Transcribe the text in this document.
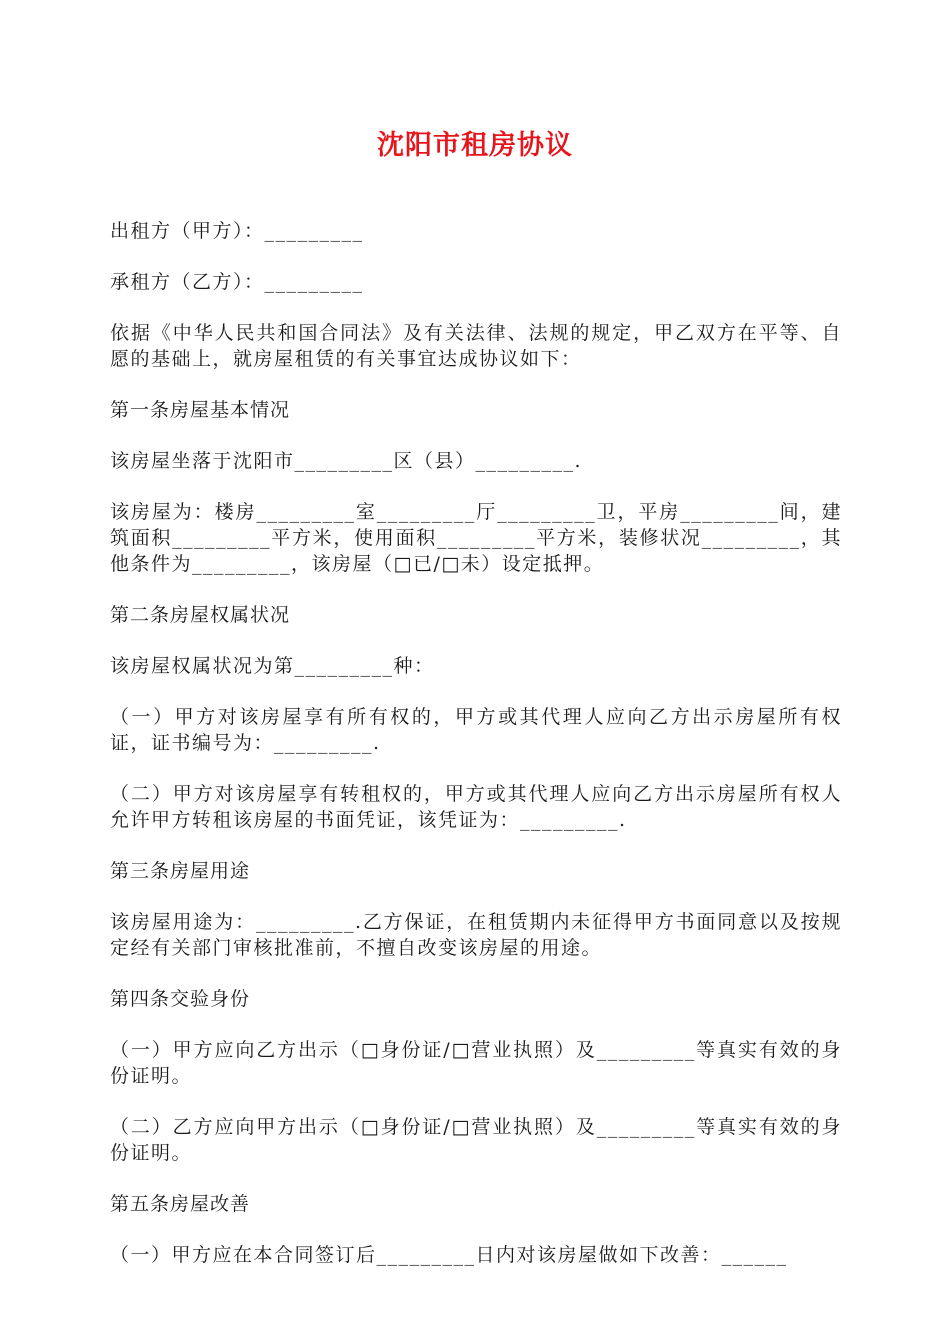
沈阳市租房协议

出租方（甲方）：_________

承租方（乙方）：_________

依据《中华人民共和国合同法》及有关法律、法规的规定，甲乙双方在平等、自愿的基础上，就房屋租赁的有关事宜达成协议如下：

第一条房屋基本情况

该房屋坐落于沈阳市_________区（县）_________.

该房屋为：楼房_________室_________厅_________卫，平房_________间，建筑面积_________平方米，使用面积_________平方米，装修状况_________，其他条件为_________，该房屋（□已/□未）设定抵押。

第二条房屋权属状况

该房屋权属状况为第_________种：

（一）甲方对该房屋享有所有权的，甲方或其代理人应向乙方出示房屋所有权证，证书编号为：_________.

（二）甲方对该房屋享有转租权的，甲方或其代理人应向乙方出示房屋所有权人允许甲方转租该房屋的书面凭证，该凭证为：_________.

第三条房屋用途

该房屋用途为：_________.乙方保证，在租赁期内未征得甲方书面同意以及按规定经有关部门审核批准前，不擅自改变该房屋的用途。

第四条交验身份

（一）甲方应向乙方出示（□身份证/□营业执照）及_________等真实有效的身份证明。

（二）乙方应向甲方出示（□身份证/□营业执照）及_________等真实有效的身份证明。

第五条房屋改善

（一）甲方应在本合同签订后_________日内对该房屋做如下改善：______
